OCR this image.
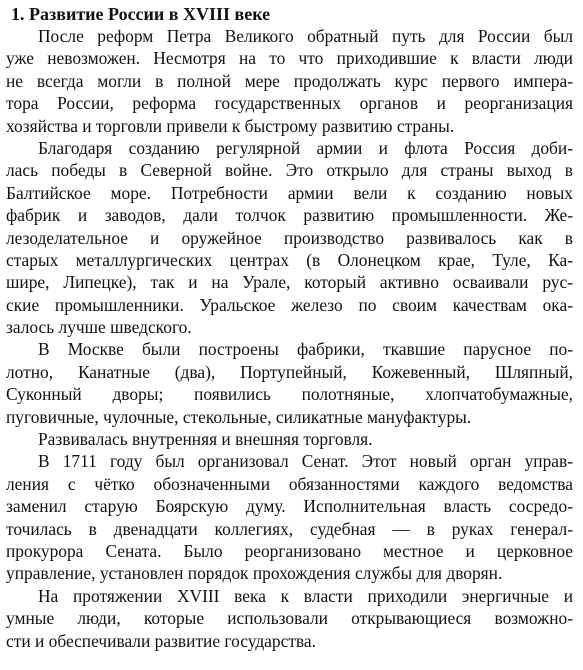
1. Развитие России в XVIII веке
После реформ Петра Великого обратный путь для России был
уже невозможен. Несмотря на то что приходившие к власти люди
не всегда могли в полной мере продолжать курс первого импера-
тора России, реформа государственных органов и реорганизация
хозяйства и торговли привели к быстрому развитию страны.
Благодаря созданию регулярной армии и флота Россия доби-
лась победы в Северной войне. Это открыло для страны выход в
Балтийское море. Потребности армии вели к созданию новых
фабрик и заводов, дали толчок развитию промышленности. Же-
лезоделательное и оружейное производство развивалось как в
старых металлургических центрах (в Олонецком крае, Туле, Ка-
шире, Липецке), так и на Урале, который активно осваивали рус-
ские промышленники. Уральское железо по своим качествам ока-
залось лучше шведского.
В Москве были построены фабрики, ткавшие парусное по-
лотно, Канатные (два), Портупейный, Кожевенный, Шляпный,
Суконный дворы; появились полотняные, хлопчатобумажные,
пуговичные, чулочные, стекольные, силикатные мануфактуры.
Развивалась внутренняя и внешняя торговля.
В 1711 году был организовал Сенат. Этот новый орган управ-
ления с чётко обозначенными обязанностями каждого ведомства
заменил старую Боярскую думу. Исполнительная власть сосредо-
точилась в двенадцати коллегиях, судебная — в руках генерал-
прокурора Сената. Было реорганизовано местное и церковное
управление, установлен порядок прохождения службы для дворян.
На протяжении XVIII века к власти приходили энергичные и
умные люди, которые использовали открывающиеся возможно-
сти и обеспечивали развитие государства.
